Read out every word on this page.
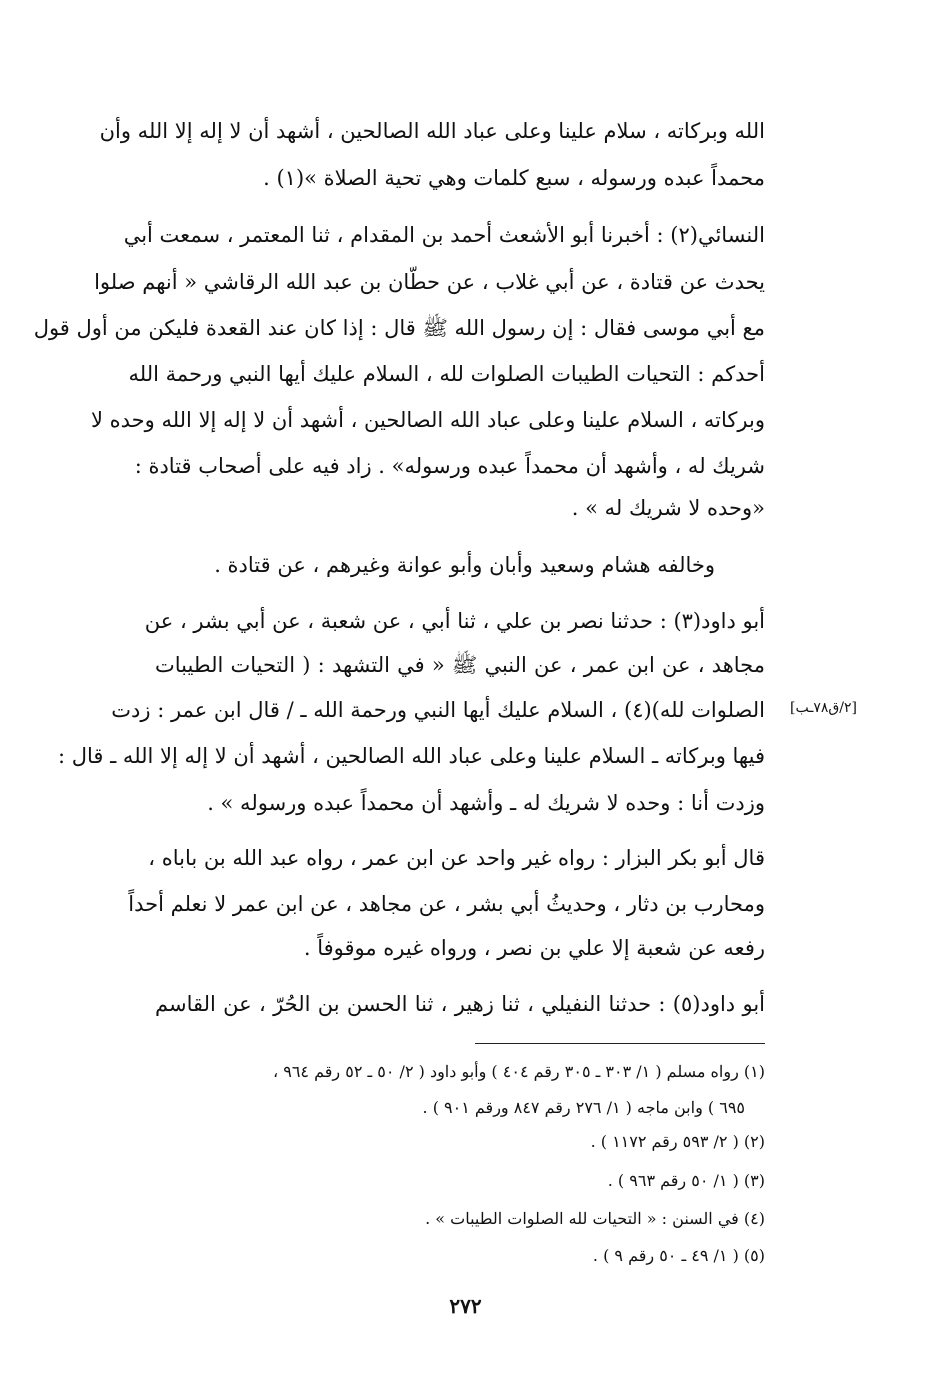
الله وبركاته ، سلام علينا وعلى عباد الله الصالحين ، أشهد أن لا إله إلا الله وأن
محمداً عبده ورسوله ، سبع كلمات وهي تحية الصلاة »(١) .
النسائي(٢) : أخبرنا أبو الأشعث أحمد بن المقدام ، ثنا المعتمر ، سمعت أبي
يحدث عن قتادة ، عن أبي غلاب ، عن حطّان بن عبد الله الرقاشي « أنهم صلوا
مع أبي موسى فقال : إن رسول الله ﷺ قال : إذا كان عند القعدة فليكن من أول قول
أحدكم : التحيات الطيبات الصلوات لله ، السلام عليك أيها النبي ورحمة الله
وبركاته ، السلام علينا وعلى عباد الله الصالحين ، أشهد أن لا إله إلا الله وحده لا
شريك له ، وأشهد أن محمداً عبده ورسوله» . زاد فيه على أصحاب قتادة :
«وحده لا شريك له » .
وخالفه هشام وسعيد وأبان وأبو عوانة وغيرهم ، عن قتادة .
أبو داود(٣) : حدثنا نصر بن علي ، ثنا أبي ، عن شعبة ، عن أبي بشر ، عن
مجاهد ، عن ابن عمر ، عن النبي ﷺ « في التشهد : ( التحيات الطيبات
الصلوات لله)(٤) ، السلام عليك أيها النبي ورحمة الله ـ / قال ابن عمر : زدت
فيها وبركاته ـ السلام علينا وعلى عباد الله الصالحين ، أشهد أن لا إله إلا الله ـ قال :
وزدت أنا : وحده لا شريك له ـ وأشهد أن محمداً عبده ورسوله » .
قال أبو بكر البزار : رواه غير واحد عن ابن عمر ، رواه عبد الله بن باباه ،
ومحارب بن دثار ، وحديثُ أبي بشر ، عن مجاهد ، عن ابن عمر لا نعلم أحداً
رفعه عن شعبة إلا علي بن نصر ، ورواه غيره موقوفاً .
أبو داود(٥) : حدثنا النفيلي ، ثنا زهير ، ثنا الحسن بن الحُرّ ، عن القاسم
[٢/ق٧٨ـب]
(١) رواه مسلم ( ١/ ٣٠٣ ـ ٣٠٥ رقم ٤٠٤ ) وأبو داود ( ٢/ ٥٠ ـ ٥٢ رقم ٩٦٤ ،
٦٩٥ ) وابن ماجه ( ١/ ٢٧٦ رقم ٨٤٧ ورقم ٩٠١ ) .
(٢) ( ٢/ ٥٩٣ رقم ١١٧٢ ) .
(٣) ( ١/ ٥٠ رقم ٩٦٣ ) .
(٤) في السنن : « التحيات لله الصلوات الطيبات » .
(٥) ( ١/ ٤٩ ـ ٥٠ رقم ٩ ) .
٢٧٢
